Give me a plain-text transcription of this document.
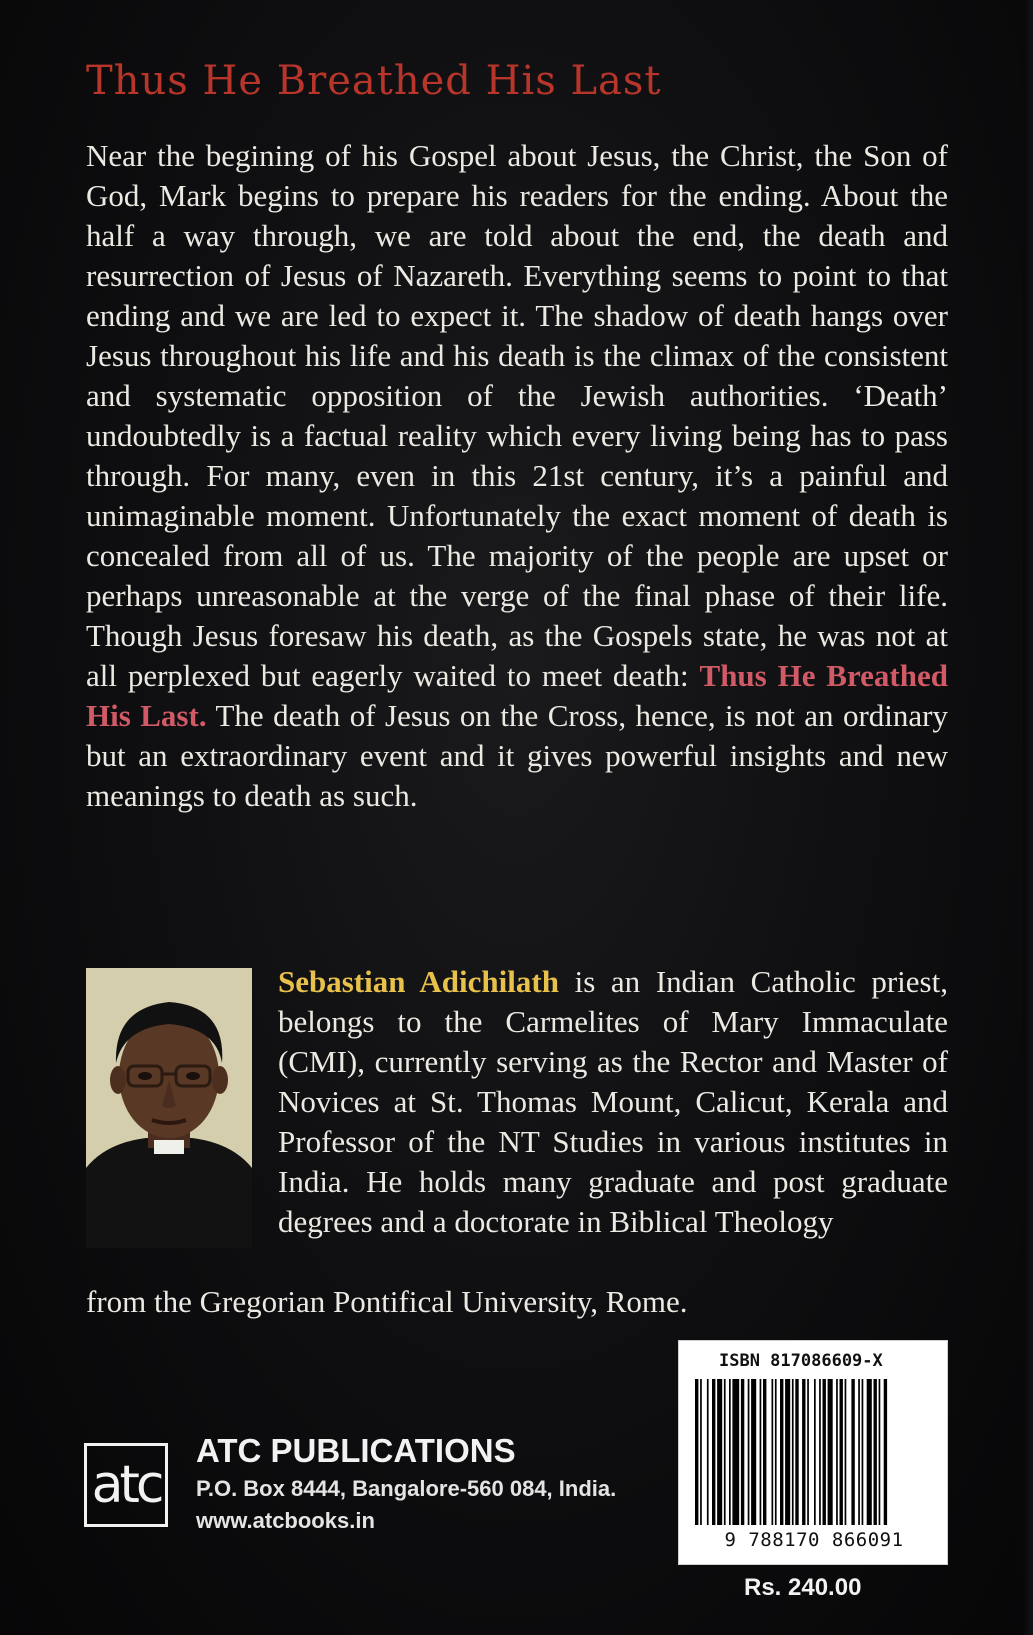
Thus He Breathed His Last

Near the begining of his Gospel about Jesus, the Christ, the Son of God, Mark begins to prepare his readers for the ending. About the half a way through, we are told about the end, the death and resurrection of Jesus of Nazareth. Everything seems to point to that ending and we are led to expect it. The shadow of death hangs over Jesus throughout his life and his death is the climax of the consistent and systematic opposition of the Jewish authorities. ‘Death’ undoubtedly is a factual reality which every living being has to pass through. For many, even in this 21st century, it’s a painful and unimaginable moment. Unfortunately the exact moment of death is concealed from all of us. The majority of the people are upset or perhaps unreasonable at the verge of the final phase of their life. Though Jesus foresaw his death, as the Gospels state, he was not at all perplexed but eagerly waited to meet death: Thus He Breathed His Last. The death of Jesus on the Cross, hence, is not an ordinary but an extraordinary event and it gives powerful insights and new meanings to death as such.

Sebastian Adichilath is an Indian Catholic priest, belongs to the Carmelites of Mary Immaculate (CMI), currently serving as the Rector and Master of Novices at St. Thomas Mount, Calicut, Kerala and Professor of the NT Studies in various institutes in India. He holds many graduate and post graduate degrees and a doctorate in Biblical Theology

from the Gregorian Pontifical University, Rome.

atc

ATC PUBLICATIONS

P.O. Box 8444, Bangalore-560 084, India.

www.atcbooks.in

ISBN 817086609-X

9 788170 866091

Rs. 240.00
